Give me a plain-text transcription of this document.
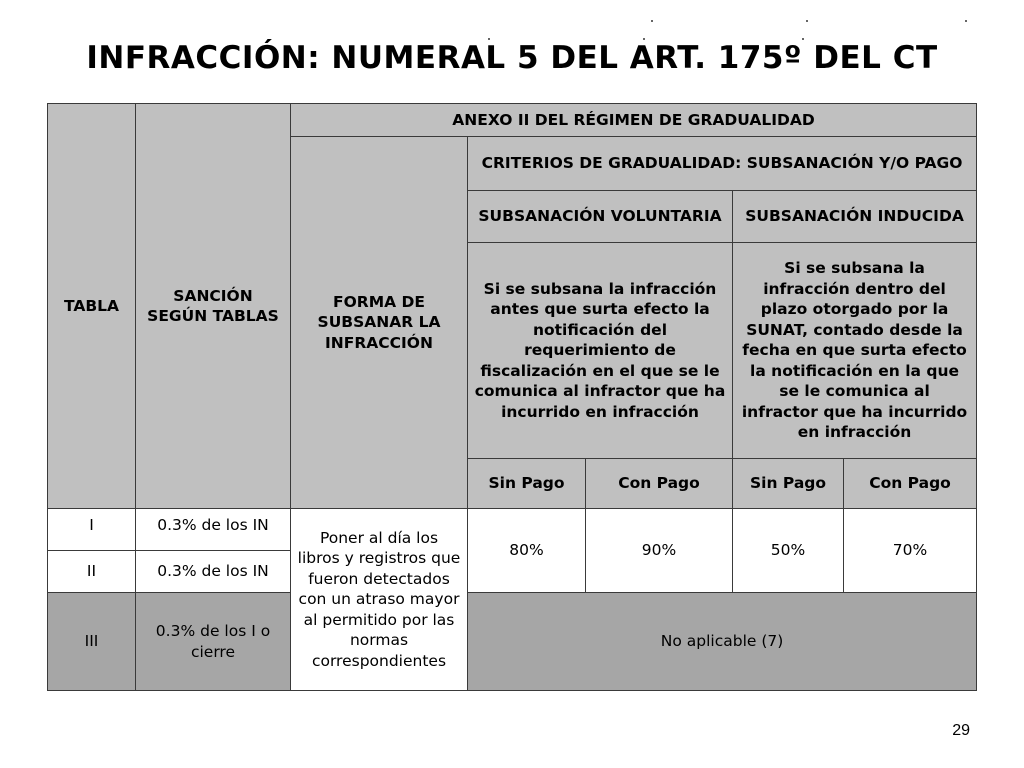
INFRACCIÓN: NUMERAL 5 DEL ART. 175º DEL CT
TABLA	SANCIÓN SEGÚN TABLAS	ANEXO II DEL RÉGIMEN DE GRADUALIDAD				
		FORMA DE SUBSANAR LA INFRACCIÓN	CRITERIOS DE GRADUALIDAD: SUBSANACIÓN Y/O PAGO			
			SUBSANACIÓN VOLUNTARIA		SUBSANACIÓN INDUCIDA	
			Si se subsana la infracción antes que surta efecto la notificación del requerimiento de fiscalización en el que se le comunica al infractor que ha incurrido en infracción		Si se subsana la infracción dentro del plazo otorgado por la SUNAT, contado desde la fecha en que surta efecto la notificación en la que se le comunica al infractor que ha incurrido en infracción	
			Sin Pago	Con Pago	Sin Pago	Con Pago
I	0.3% de los IN	Poner al día los libros y registros que fueron detectados con un atraso mayor al permitido por las normas correspondientes	80%	90%	50%	70%
II	0.3% de los IN					
III	0.3% de los I o cierre		No aplicable (7)			
29
